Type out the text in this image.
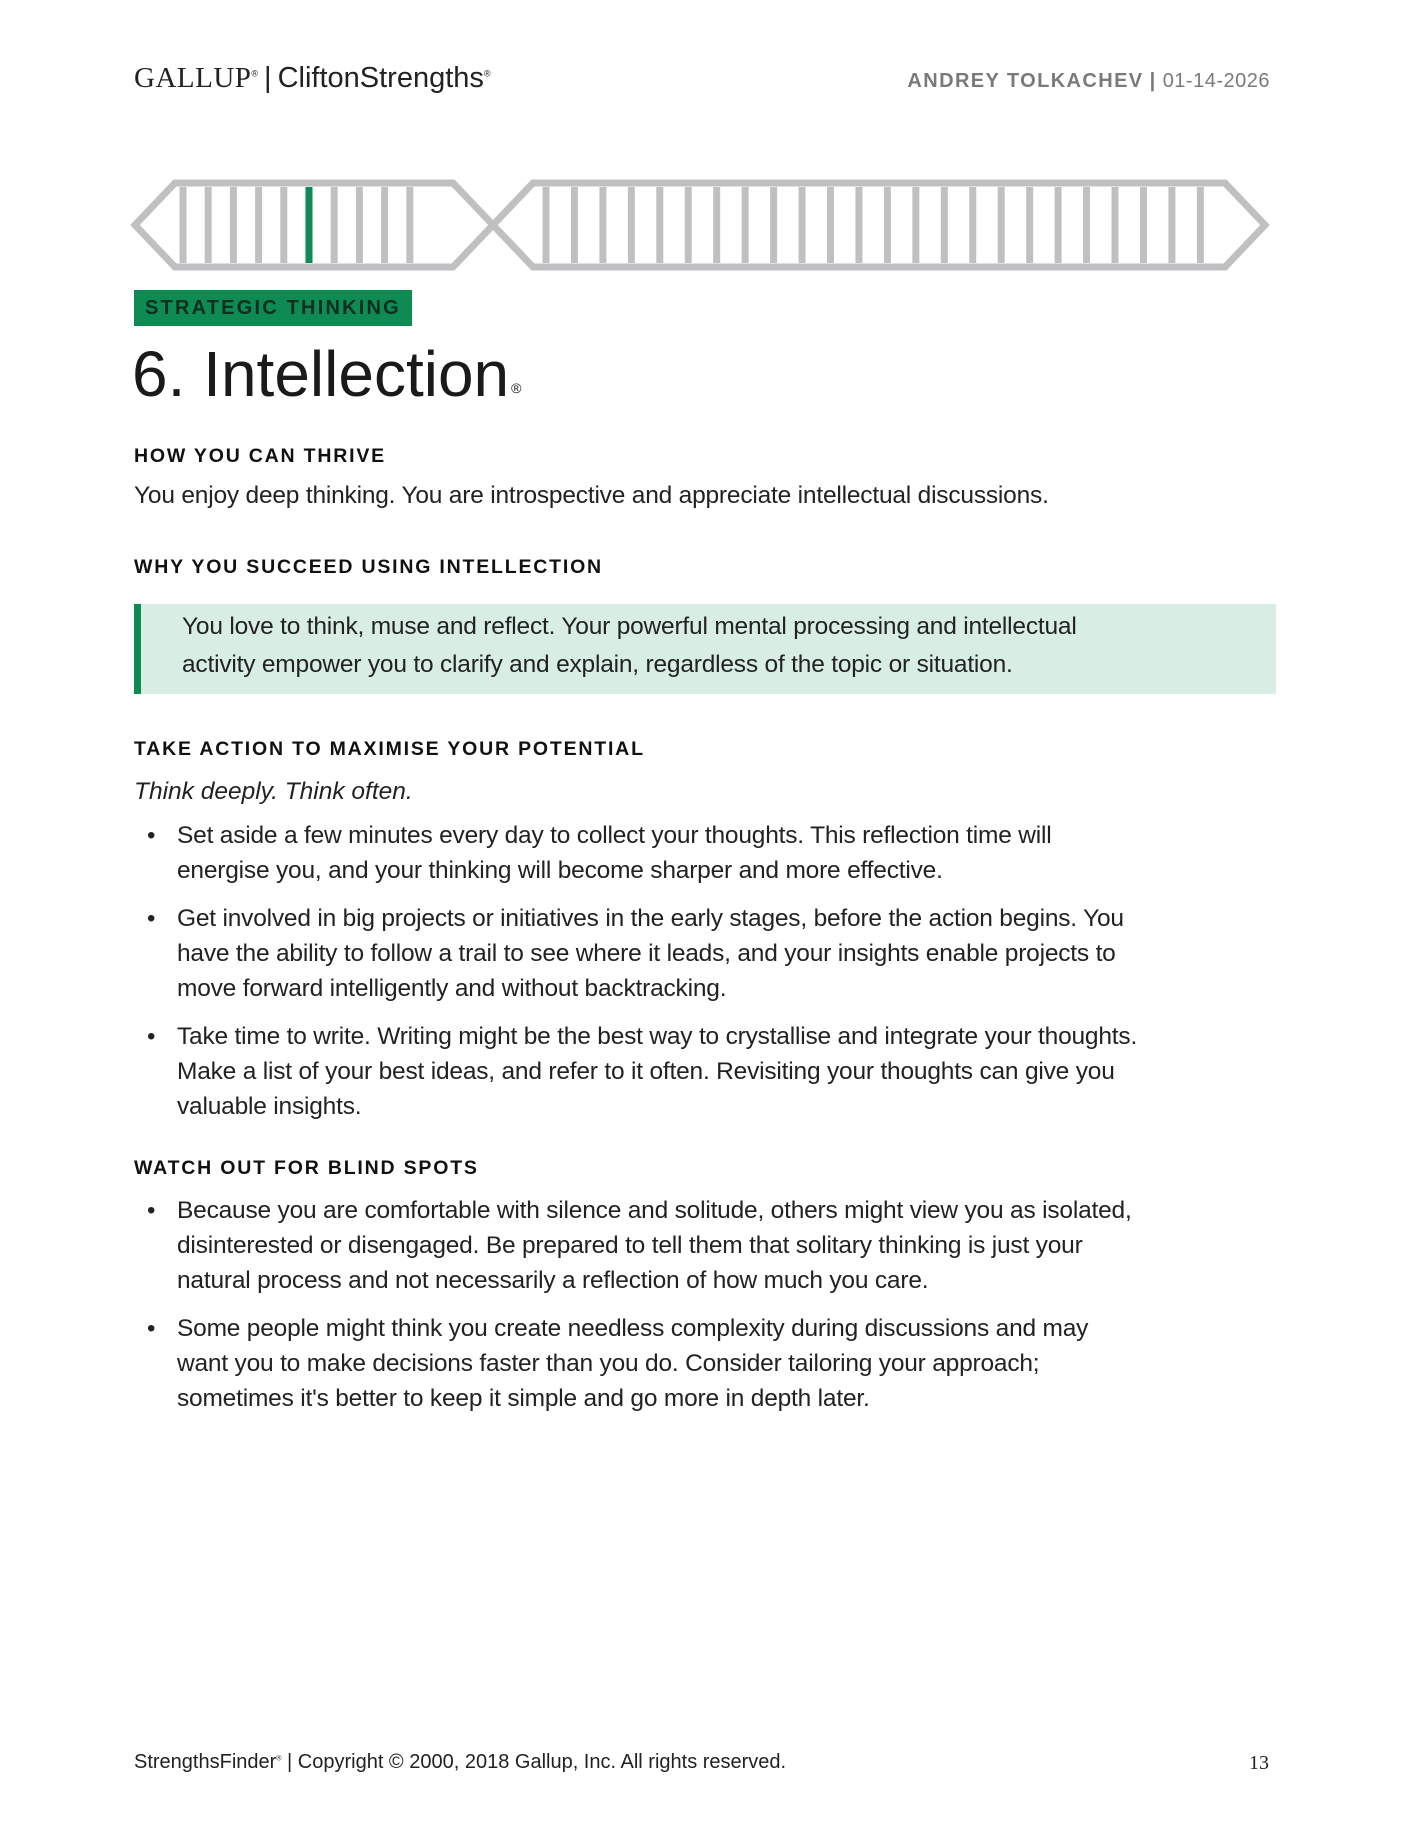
GALLUP® | CliftonStrengths®	ANDREY TOLKACHEV | 01-14-2026
STRATEGIC THINKING
6. Intellection ®
HOW YOU CAN THRIVE
You enjoy deep thinking. You are introspective and appreciate intellectual discussions.
WHY YOU SUCCEED USING INTELLECTION
You love to think, muse and reflect. Your powerful mental processing and intellectual
activity empower you to clarify and explain, regardless of the topic or situation.
TAKE ACTION TO MAXIMISE YOUR POTENTIAL
Think deeply. Think often.
• Set aside a few minutes every day to collect your thoughts. This reflection time will
energise you, and your thinking will become sharper and more effective.
• Get involved in big projects or initiatives in the early stages, before the action begins. You
have the ability to follow a trail to see where it leads, and your insights enable projects to
move forward intelligently and without backtracking.
• Take time to write. Writing might be the best way to crystallise and integrate your thoughts.
Make a list of your best ideas, and refer to it often. Revisiting your thoughts can give you
valuable insights.
WATCH OUT FOR BLIND SPOTS
• Because you are comfortable with silence and solitude, others might view you as isolated,
disinterested or disengaged. Be prepared to tell them that solitary thinking is just your
natural process and not necessarily a reflection of how much you care.
• Some people might think you create needless complexity during discussions and may
want you to make decisions faster than you do. Consider tailoring your approach;
sometimes it's better to keep it simple and go more in depth later.
StrengthsFinder® | Copyright © 2000, 2018 Gallup, Inc. All rights reserved.	13
